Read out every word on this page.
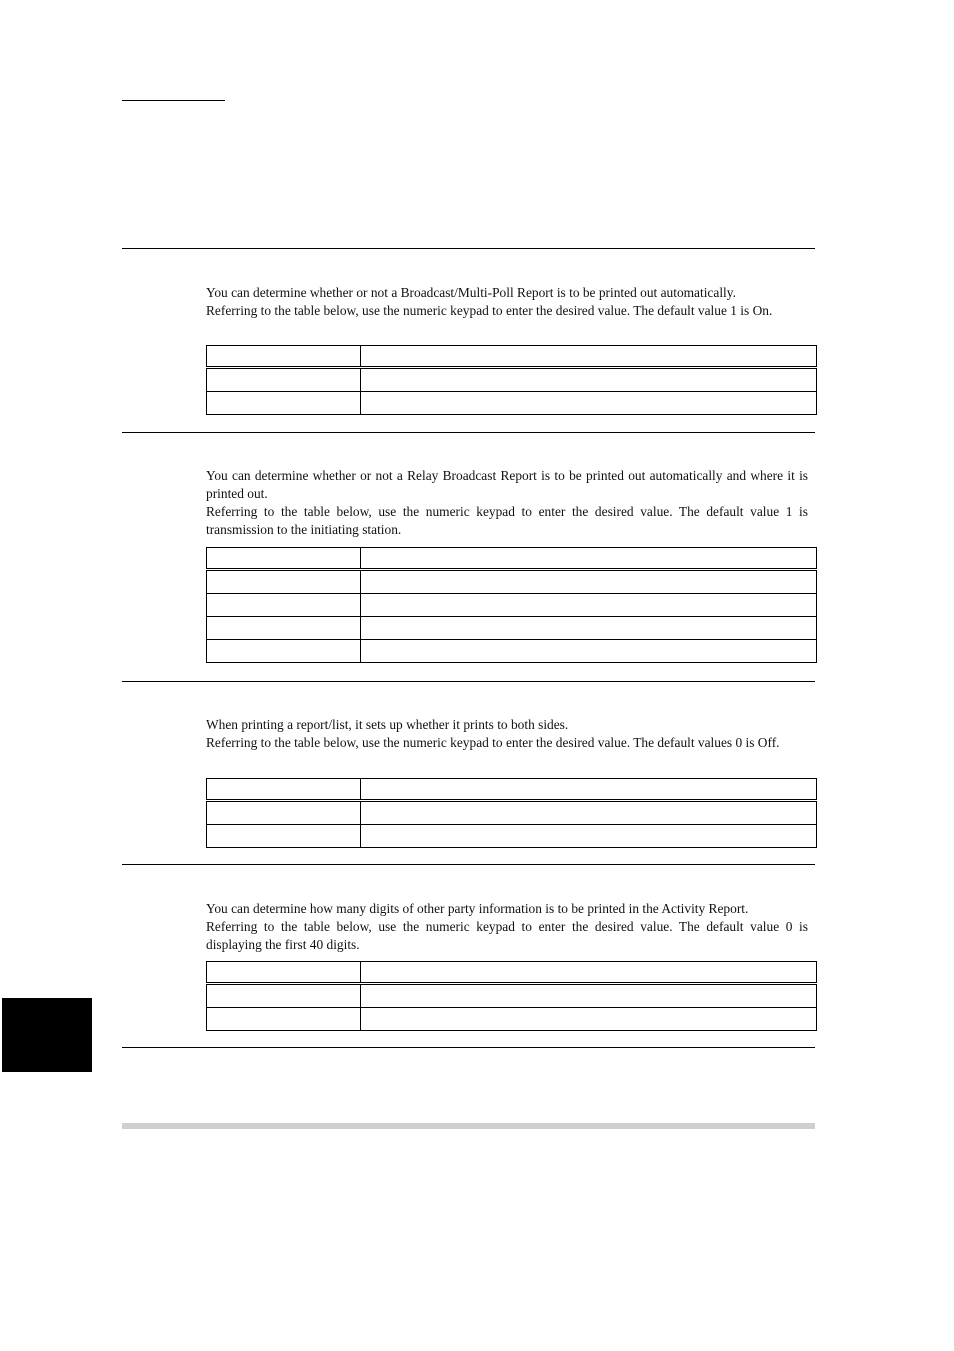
You can determine whether or not a Broadcast/Multi-Poll Report is to be printed out automatically.

Referring to the table below, use the numeric keypad to enter the desired value. The default value 1 is On.

You can determine whether or not a Relay Broadcast Report is to be printed out automatically and where it is printed out.

Referring to the table below, use the numeric keypad to enter the desired value. The default value 1 is transmission to the initiating station.

When printing a report/list, it sets up whether it prints to both sides.

Referring to the table below, use the numeric keypad to enter the desired value. The default values 0 is Off.

You can determine how many digits of other party information is to be printed in the Activity Report.

Referring to the table below, use the numeric keypad to enter the desired value. The default value 0 is displaying the first 40 digits.
